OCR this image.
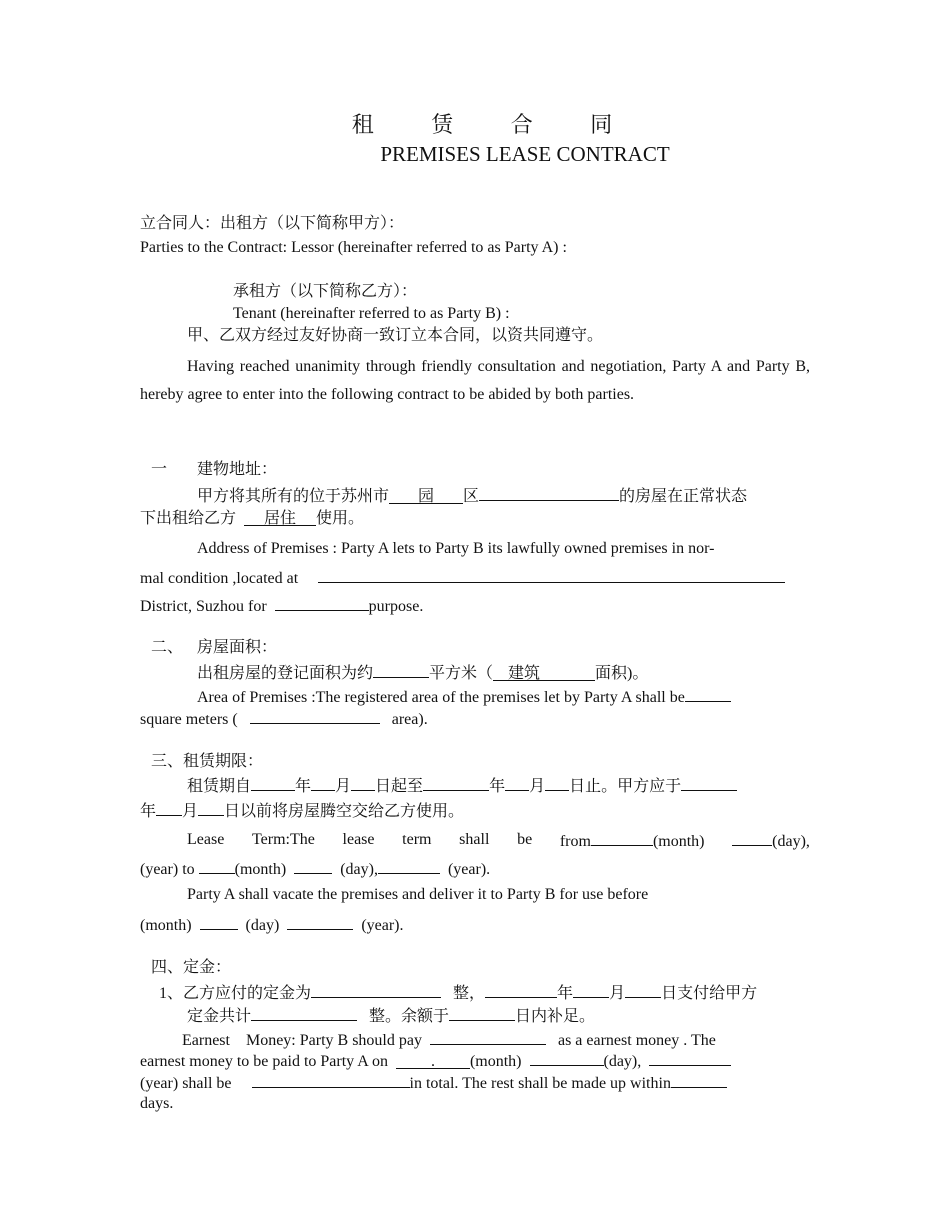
租 赁 合 同
PREMISES LEASE CONTRACT
立合同人：出租方（以下简称甲方）：
Parties to the Contract: Lessor (hereinafter referred to as Party A) :
承租方（以下简称乙方）：
Tenant (hereinafter referred to as Party B) :
甲、乙双方经过友好协商一致订立本合同，以资共同遵守。
Having reached unanimity through friendly consultation and negotiation, Party A and Party B, hereby agree to enter into the following contract to be abided by both parties.
一 建物地址：
甲方将其所有的位于苏州市 园 区	的房屋在正常状态
下出租给乙方 居住 使用。
Address of Premises : Party A lets to Party B its lawfully owned premises in nor-
mal condition ,located at
District, Suzhou for	purpose.
二、 房屋面积：
出租房屋的登记面积为约	平方米（ 建筑	面积)。
Area of Premises :The registered area of the premises let by Party A shall be
square meters (	area).
三、租赁期限：
租赁期自	年 月 日起至	年 月 日止。甲方应于
年 月 日以前将房屋腾空交给乙方使用。
Lease Term:The lease term shall be from	(month)	(day),
(year) to	(month)	(day),	(year).
Party A shall vacate the premises and deliver it to Party B for use before
(month)	(day)	(year).
四、定金：
1、乙方应付的定金为	整，	年 月 日支付给甲方
定金共计	整。余额于	日内补足。
Earnest    Money: Party B should pay	as a earnest money . The
earnest money to be paid to Party A on	. (month)	(day),
(year) shall be	in total. The rest shall be made up within
days.
